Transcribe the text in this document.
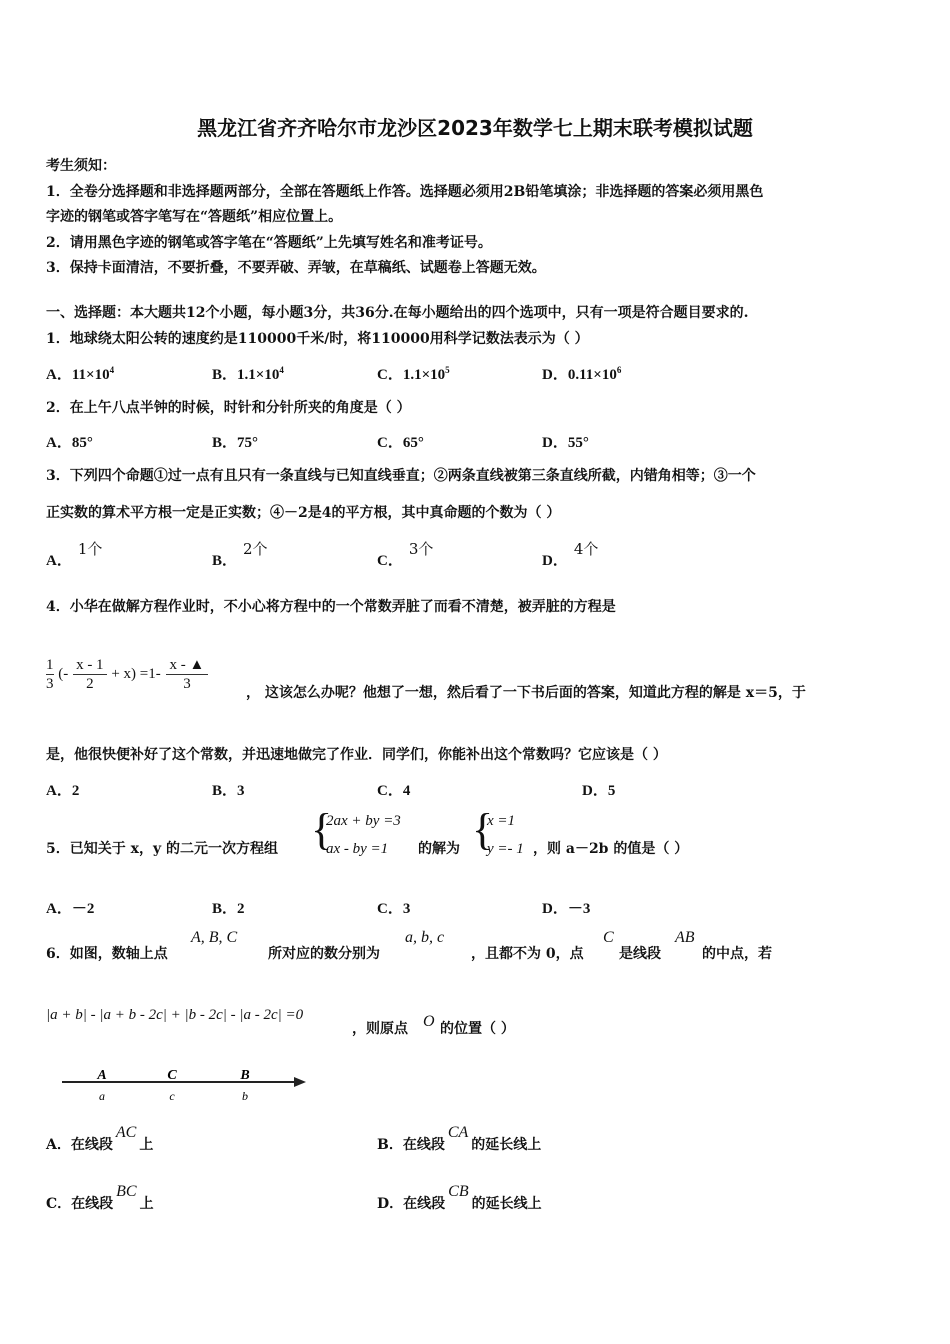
黑龙江省齐齐哈尔市龙沙区2023年数学七上期末联考模拟试题
考生须知：
1．全卷分选择题和非选择题两部分，全部在答题纸上作答。选择题必须用2B铅笔填涂；非选择题的答案必须用黑色
字迹的钢笔或答字笔写在“答题纸”相应位置上。
2．请用黑色字迹的钢笔或答字笔在“答题纸”上先填写姓名和准考证号。
3．保持卡面清洁，不要折叠，不要弄破、弄皱，在草稿纸、试题卷上答题无效。
一、选择题：本大题共12个小题，每小题3分，共36分.在每小题给出的四个选项中，只有一项是符合题目要求的.
1．地球绕太阳公转的速度约是110000千米/时，将110000用科学记数法表示为（ ）
A．$11\times 10^4$	B．$1.1\times 10^4$	C．$1.1\times 10^5$	D．$0.11\times 10^6$
2．在上午八点半钟的时候，时针和分针所夹的角度是（ ）
A．85°	B．75°	C．65°	D．55°
3．下列四个命题①过一点有且只有一条直线与已知直线垂直；②两条直线被第三条直线所截，内错角相等；③一个
正实数的算术平方根一定是正实数；④－2是4的平方根，其中真命题的个数为（ ）
A．1个
B．2个
C．3个
D．4个
4．小华在做解方程作业时，不小心将方程中的一个常数弄脏了而看不清楚，被弄脏的方程是
$\frac{1}{3}$ (- $\frac{x - 1}{2} + x) =1- \frac{x - ▲}{3}$	， 这该怎么办呢？他想了一想，然后看了一下书后面的答案，知道此方程的解是 x＝5，于
是，他很快便补好了这个常数，并迅速地做完了作业．同学们，你能补出这个常数吗？它应该是（ ）
A．2	B．3	C．4	D．5
5．已知关于 x，y 的二元一次方程组 {
2ax + by =3
ax - by =1 的解为 {
x =1
y =- 1 ，则 a－2b 的值是（ ）
A．－2	B．2	C．3	D．－3
6．如图，数轴上点
A, B, C
所对应的数分别为
a, b, c
，且都不为 0，点
C
是线段
AB
的中点，若
|a + b| - |a + b - 2c| + |b - 2c| - |a - 2c| =0
，则原点 O 的位置（ ）
A	C	B
a	c	b
A．在线段AC上	B．在线段CA的延长线上
C．在线段BC上	D．在线段CB的延长线上
